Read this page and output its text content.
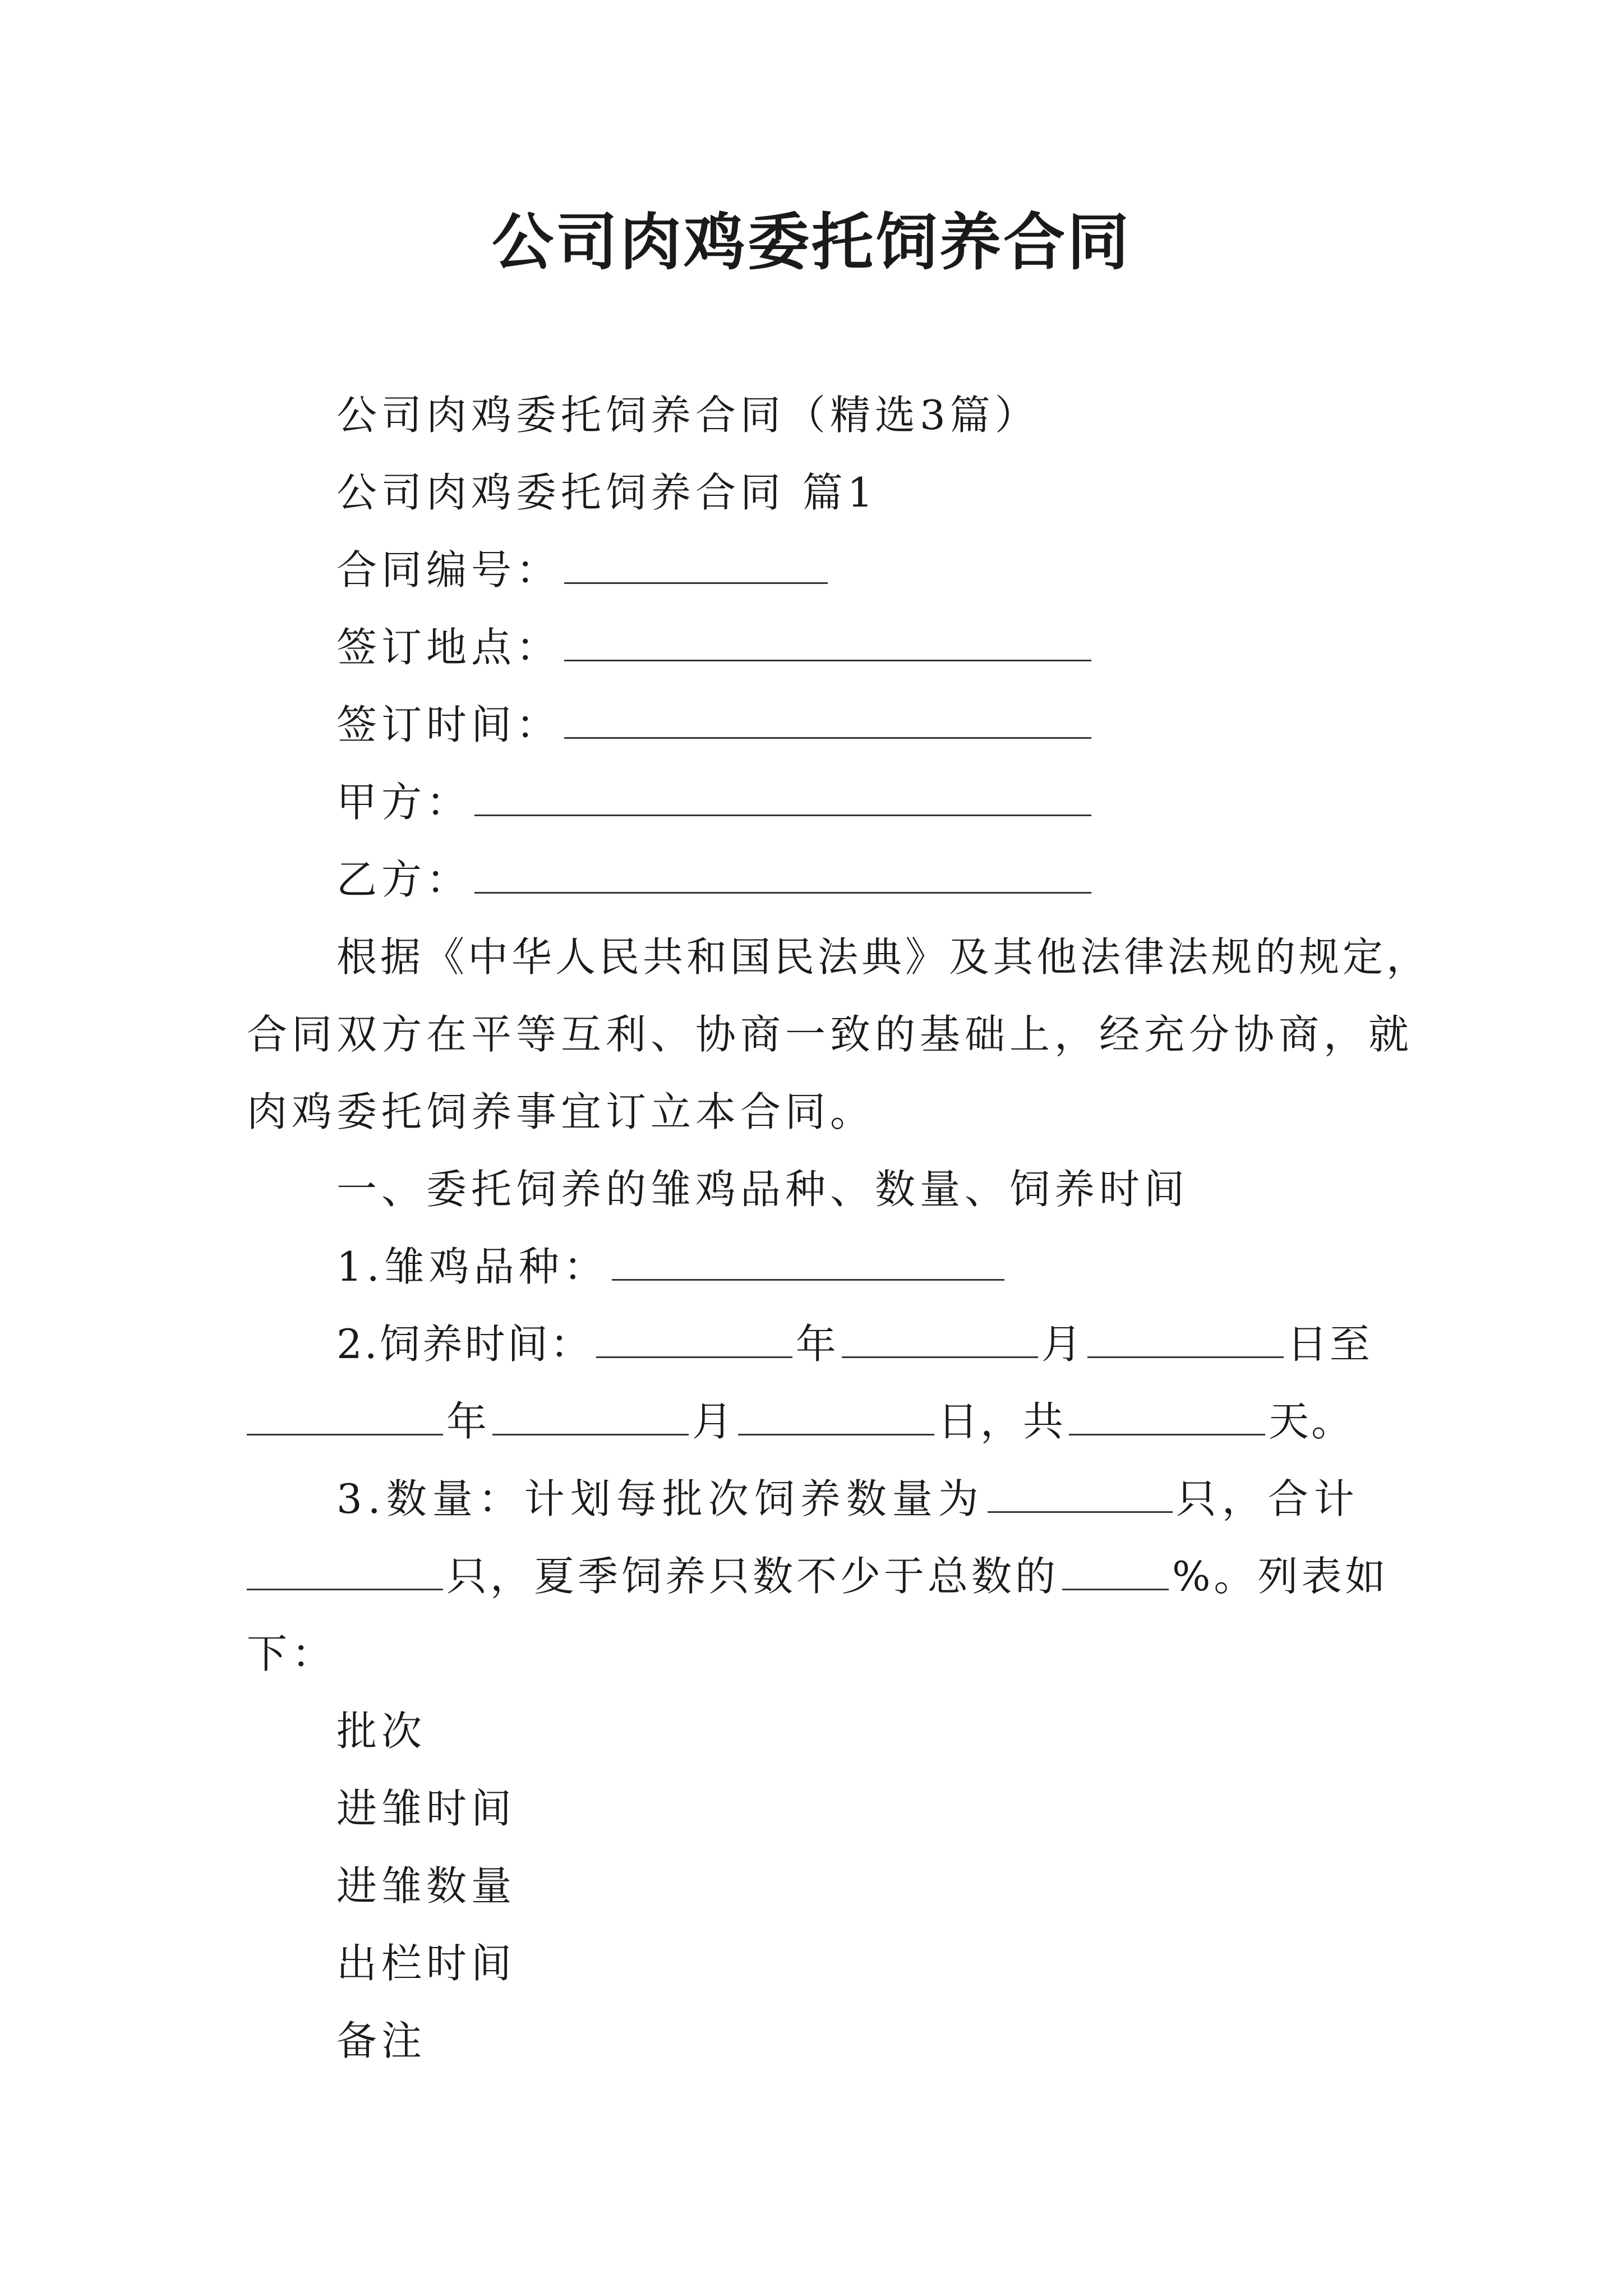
公司肉鸡委托饲养合同
公司肉鸡委托饲养合同（精选3篇）
公司肉鸡委托饲养合同 篇1
合同编号：
签订地点：
签订时间：
甲方：
乙方：
根据《中华人民共和国民法典》及其他法律法规的规定，
合同双方在平等互利、协商一致的基础上，经充分协商，就
肉鸡委托饲养事宜订立本合同。
一、委托饲养的雏鸡品种、数量、饲养时间
1.雏鸡品种：
2.饲养时间：	年	月	日至
年	月	日，共	天。
3.数量：计划每批次饲养数量为	只，合计
只，夏季饲养只数不少于总数的	%。列表如
下：
批次
进雏时间
进雏数量
出栏时间
备注
